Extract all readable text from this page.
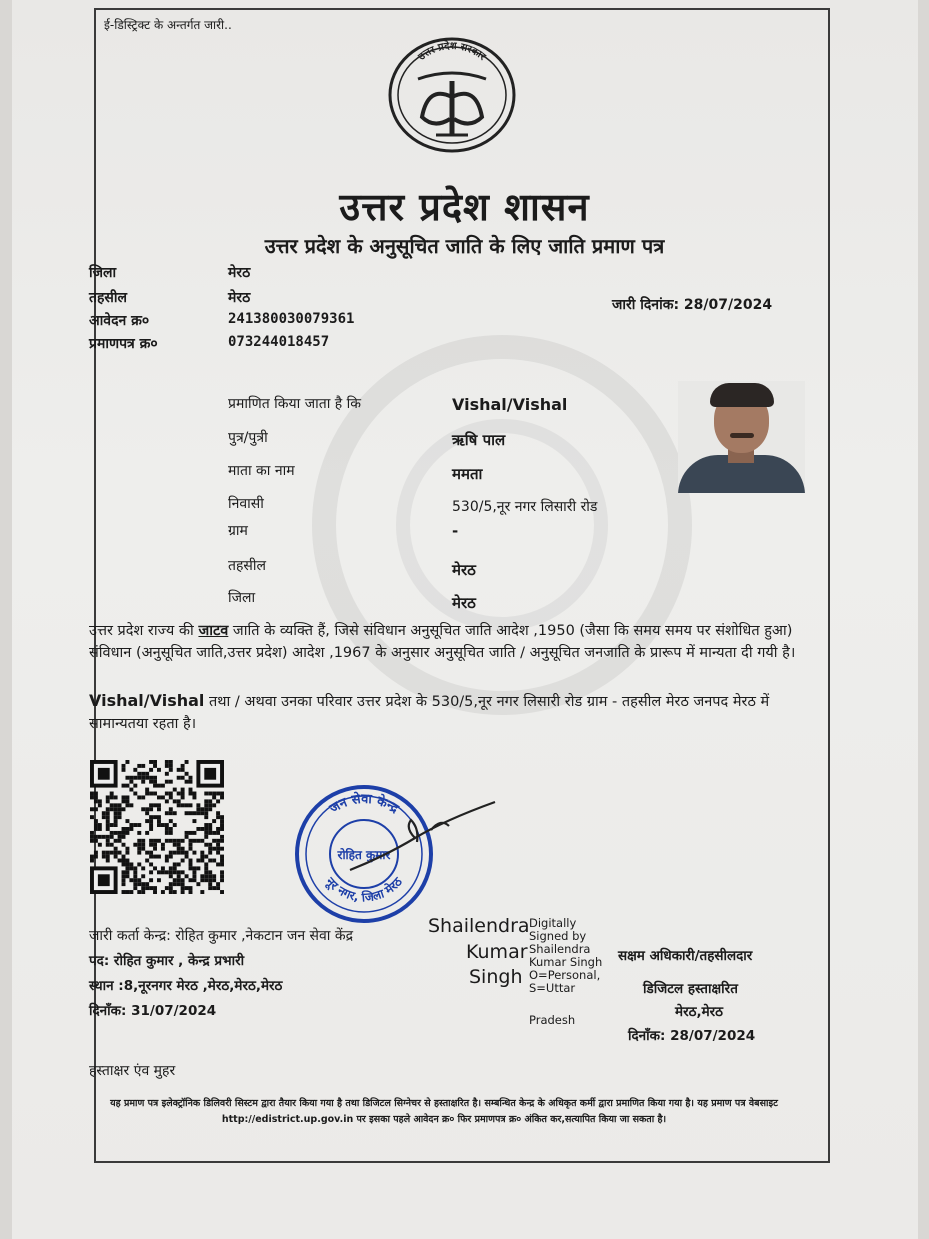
ई-डिस्ट्रिक्ट के अन्तर्गत जारी..
उत्तर प्रदेश सरकार
उत्तर प्रदेश शासन
उत्तर प्रदेश के अनुसूचित जाति के लिए जाति प्रमाण पत्र
जिला	मेरठ
तहसील	मेरठ
आवेदन क्र०	241380030079361
प्रमाणपत्र क्र०	073244018457
जारी दिनांक: 28/07/2024
प्रमाणित किया जाता है कि	Vishal/Vishal
पुत्र/पुत्री	ऋषि पाल
माता का नाम	ममता
निवासी	530/5,नूर नगर लिसारी रोड
ग्राम	-
तहसील	मेरठ
जिला	मेरठ
उत्तर प्रदेश राज्य की जाटव जाति के व्यक्ति हैं, जिसे संविधान अनुसूचित जाति आदेश ,1950 (जैसा कि समय समय पर संशोधित हुआ) संविधान (अनुसूचित जाति,उत्तर प्रदेश) आदेश ,1967 के अनुसार अनुसूचित जाति / अनुसूचित जनजाति के प्रारूप में मान्यता दी गयी है।
Vishal/Vishal तथा / अथवा उनका परिवार उत्तर प्रदेश के 530/5,नूर नगर लिसारी रोड ग्राम - तहसील मेरठ जनपद मेरठ में सामान्यतया रहता है।
जन सेवा केन्द्र
नूर नगर, जिला मेरठ
रोहित कुमार
जारी कर्ता केन्द्र: रोहित कुमार ,नेकटान जन सेवा केंद्र
पद: रोहित कुमार , केन्द्र प्रभारी
स्थान :8,नूरनगर मेरठ ,मेरठ,मेरठ,मेरठ
दिनाँक: 31/07/2024
Shailendra
Kumar
Singh
Digitally
Signed by
Shailendra
Kumar Singh
O=Personal,
S=Uttar
Pradesh
सक्षम अधिकारी/तहसीलदार
डिजिटल हस्ताक्षरित
मेरठ,मेरठ
दिनाँक: 28/07/2024
हस्ताक्षर एंव मुहर
यह प्रमाण पत्र इलेक्ट्रॉनिक डिलिवरी सिस्टम द्वारा तैयार किया गया है तथा डिजिटल सिग्नेचर से हस्ताक्षरित है। सम्बन्धित केन्द्र के अधिकृत कर्मी द्वारा प्रमाणित किया गया है। यह प्रमाण पत्र वेबसाइट http://edistrict.up.gov.in पर इसका पहले आवेदन क्र० फिर प्रमाणपत्र क्र० अंकित कर,सत्यापित किया जा सकता है।
